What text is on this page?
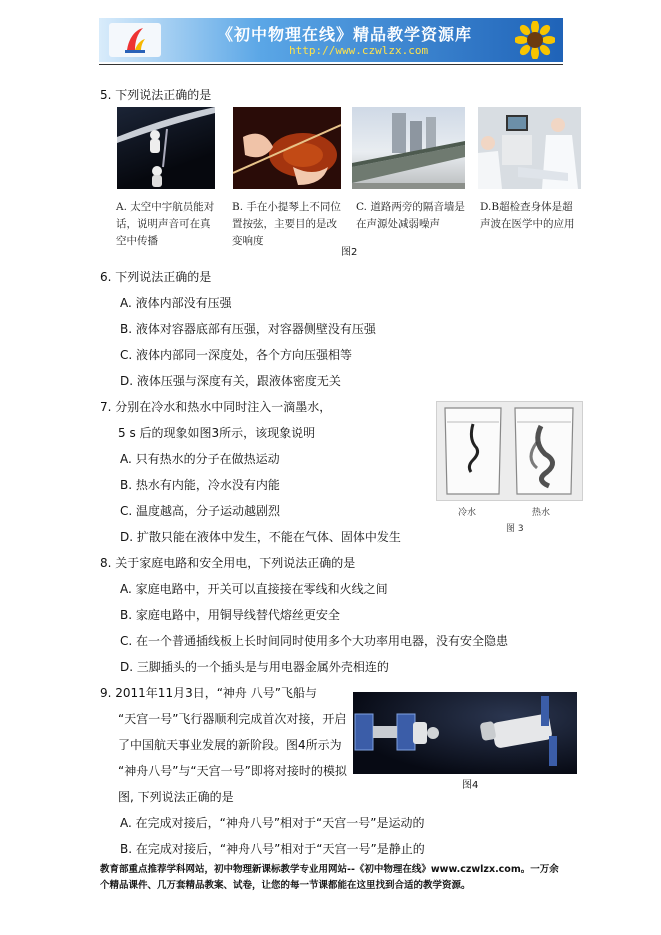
《初中物理在线》精品教学资源库
http://www.czwlzx.com
5. 下列说法正确的是
A. 太空中宇航员能对话，说明声音可在真空中传播
B. 手在小提琴上不同位置按弦，主要目的是改变响度
C. 道路两旁的隔音墙是在声源处减弱噪声
D.B超检查身体是超声波在医学中的应用
图2
6. 下列说法正确的是
A. 液体内部没有压强
B. 液体对容器底部有压强，对容器侧壁没有压强
C. 液体内部同一深度处，各个方向压强相等
D. 液体压强与深度有关，跟液体密度无关
7. 分别在冷水和热水中同时注入一滴墨水，
5 s 后的现象如图3所示，该现象说明
A. 只有热水的分子在做热运动
B. 热水有内能，冷水没有内能
C. 温度越高，分子运动越剧烈
D. 扩散只能在液体中发生，不能在气体、固体中发生
冷水	热水
图 3
8. 关于家庭电路和安全用电，下列说法正确的是
A. 家庭电路中，开关可以直接接在零线和火线之间
B. 家庭电路中，用铜导线替代熔丝更安全
C. 在一个普通插线板上长时间同时使用多个大功率用电器，没有安全隐患
D. 三脚插头的一个插头是与用电器金属外壳相连的
9. 2011年11月3日，“神舟 八号”飞船与
“天宫一号”飞行器顺利完成首次对接，开启
了中国航天事业发展的新阶段。图4所示为
“神舟八号”与“天宫一号”即将对接时的模拟
图, 下列说法正确的是
图4
A. 在完成对接后，“神舟八号”相对于“天宫一号”是运动的
B. 在完成对接后，“神舟八号”相对于“天宫一号”是静止的
教育部重点推荐学科网站，初中物理新课标教学专业用网站--《初中物理在线》www.czwlzx.com。一万余
个精品课件、几万套精品教案、试卷，让您的每一节课都能在这里找到合适的教学资源。
